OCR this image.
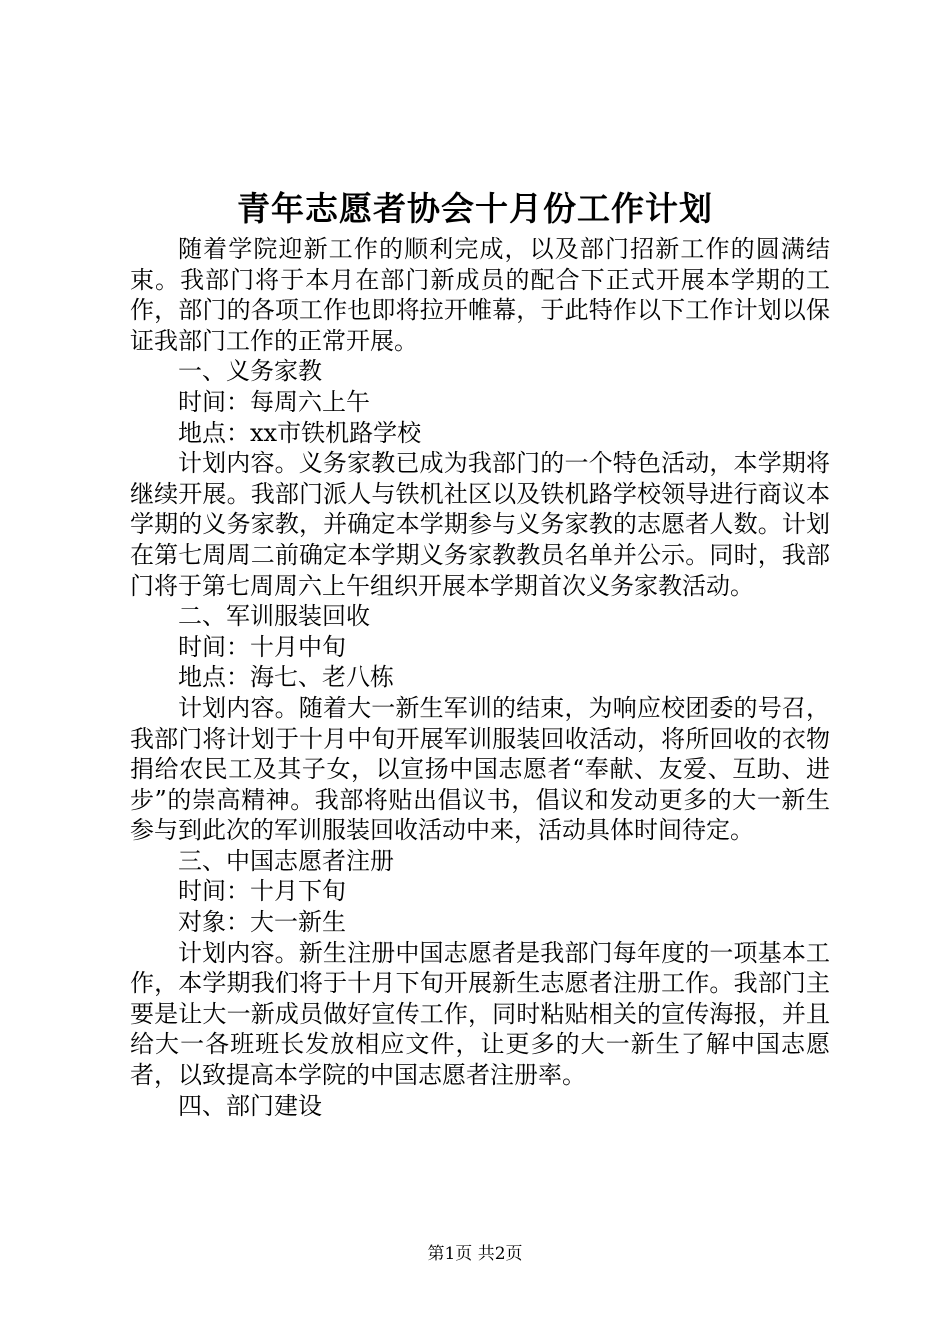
青年志愿者协会十月份工作计划

随着学院迎新工作的顺利完成，以及部门招新工作的圆满结束。我部门将于本月在部门新成员的配合下正式开展本学期的工作，部门的各项工作也即将拉开帷幕，于此特作以下工作计划以保证我部门工作的正常开展。

一、义务家教

时间：每周六上午

地点：xx市铁机路学校

计划内容。义务家教已成为我部门的一个特色活动，本学期将继续开展。我部门派人与铁机社区以及铁机路学校领导进行商议本学期的义务家教，并确定本学期参与义务家教的志愿者人数。计划在第七周周二前确定本学期义务家教教员名单并公示。同时，我部门将于第七周周六上午组织开展本学期首次义务家教活动。

二、军训服装回收

时间：十月中旬

地点：海七、老八栋

计划内容。随着大一新生军训的结束，为响应校团委的号召，我部门将计划于十月中旬开展军训服装回收活动，将所回收的衣物捐给农民工及其子女，以宣扬中国志愿者“奉献、友爱、互助、进步”的崇高精神。我部将贴出倡议书，倡议和发动更多的大一新生参与到此次的军训服装回收活动中来，活动具体时间待定。

三、中国志愿者注册

时间：十月下旬

对象：大一新生

计划内容。新生注册中国志愿者是我部门每年度的一项基本工作，本学期我们将于十月下旬开展新生志愿者注册工作。我部门主要是让大一新成员做好宣传工作，同时粘贴相关的宣传海报，并且给大一各班班长发放相应文件，让更多的大一新生了解中国志愿者，以致提高本学院的中国志愿者注册率。

四、部门建设

第1页 共2页
